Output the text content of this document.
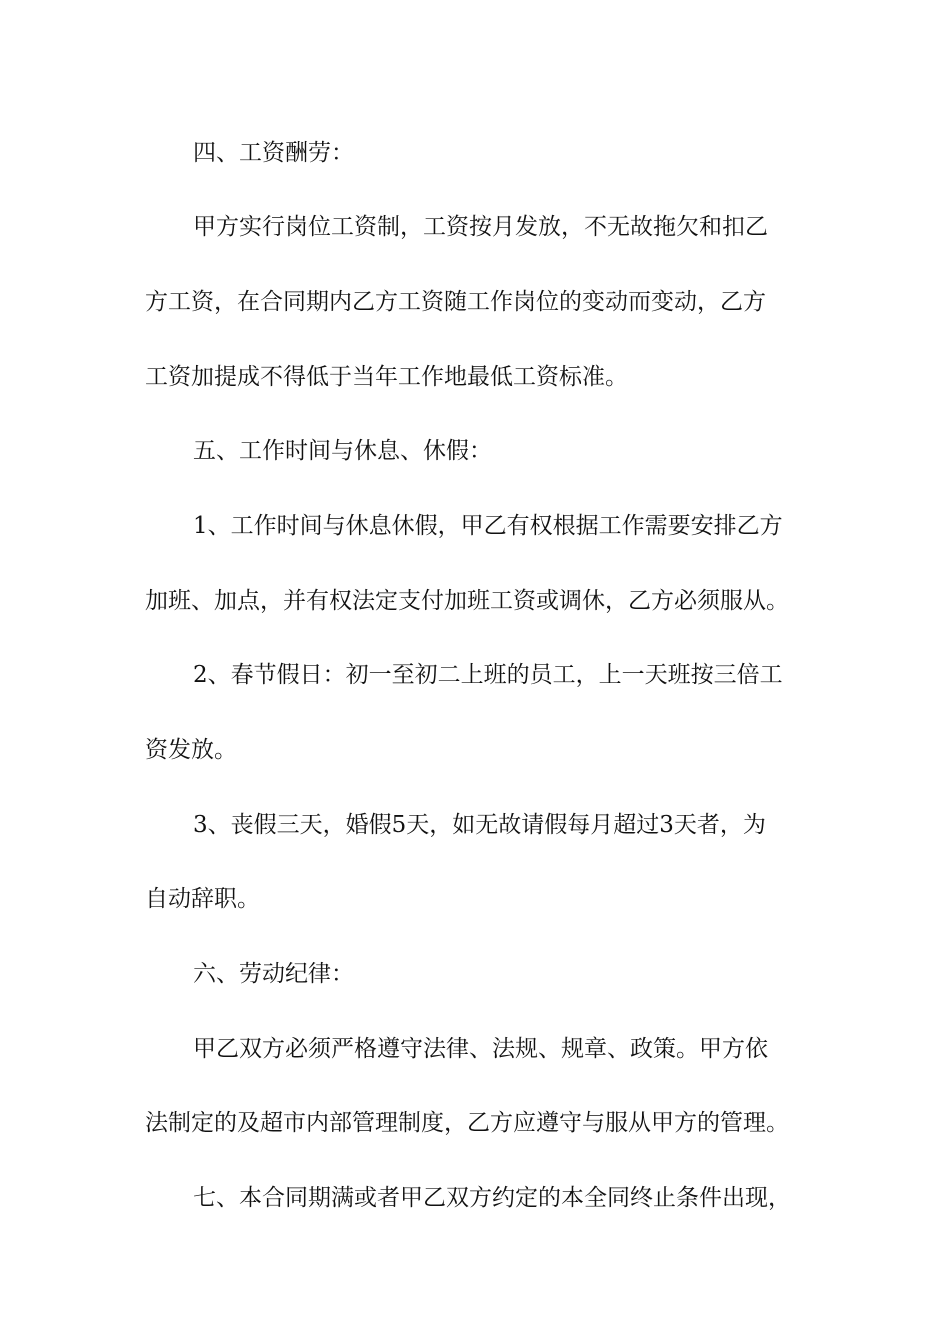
四、工资酬劳：
甲方实行岗位工资制，工资按月发放，不无故拖欠和扣乙
方工资，在合同期内乙方工资随工作岗位的变动而变动，乙方
工资加提成不得低于当年工作地最低工资标准。
五、工作时间与休息、休假：
1、工作时间与休息休假，甲乙有权根据工作需要安排乙方
加班、加点，并有权法定支付加班工资或调休，乙方必须服从。
2、春节假日：初一至初二上班的员工，上一天班按三倍工
资发放。
3、丧假三天，婚假5天，如无故请假每月超过3天者，为
自动辞职。
六、劳动纪律：
甲乙双方必须严格遵守法律、法规、规章、政策。甲方依
法制定的及超市内部管理制度，乙方应遵守与服从甲方的管理。
七、本合同期满或者甲乙双方约定的本全同终止条件出现，
